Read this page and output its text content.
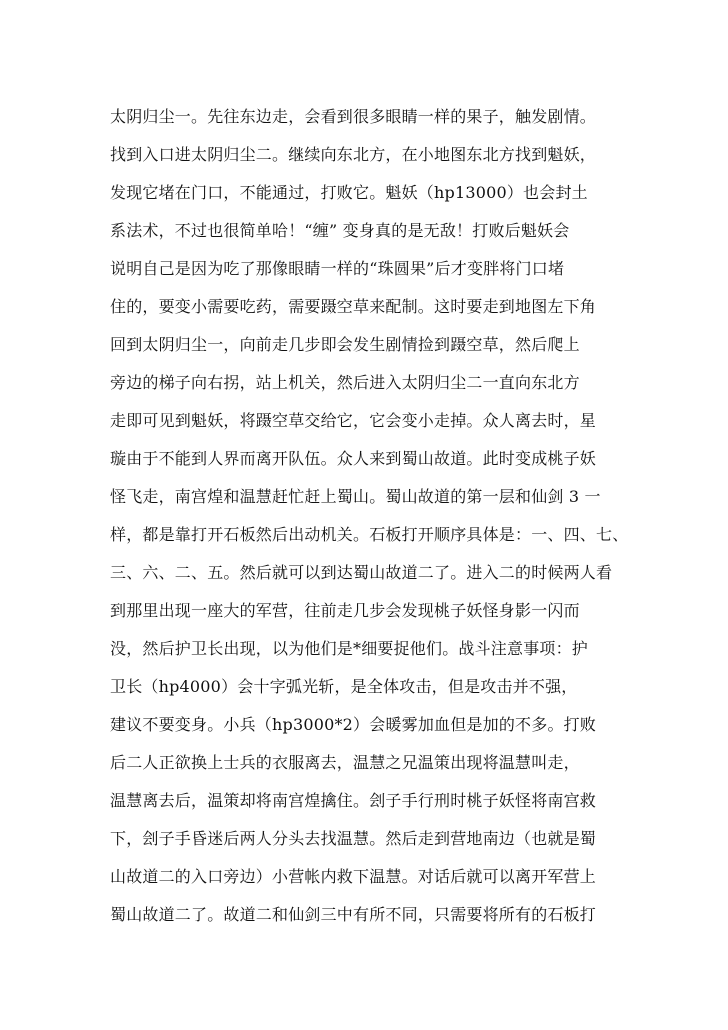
太阴归尘一。先往东边走，会看到很多眼睛一样的果子，触发剧情。
找到入口进太阴归尘二。继续向东北方，在小地图东北方找到魁妖，
发现它堵在门口，不能通过，打败它。魁妖（hp13000）也会封土
系法术，不过也很简单哈！“缠” 变身真的是无敌！打败后魁妖会
说明自己是因为吃了那像眼睛一样的“珠圆果”后才变胖将门口堵
住的，要变小需要吃药，需要蹑空草来配制。这时要走到地图左下角
回到太阴归尘一，向前走几步即会发生剧情捡到蹑空草，然后爬上
旁边的梯子向右拐，站上机关，然后进入太阴归尘二一直向东北方
走即可见到魁妖，将蹑空草交给它，它会变小走掉。众人离去时，星
璇由于不能到人界而离开队伍。众人来到蜀山故道。此时变成桃子妖
怪飞走，南宫煌和温慧赶忙赶上蜀山。蜀山故道的第一层和仙剑 3 一
样，都是靠打开石板然后出动机关。石板打开顺序具体是：一、四、七、
三、六、二、五。然后就可以到达蜀山故道二了。进入二的时候两人看
到那里出现一座大的军营，往前走几步会发现桃子妖怪身影一闪而
没，然后护卫长出现，以为他们是*细要捉他们。战斗注意事项：护
卫长（hp4000）会十字弧光斩，是全体攻击，但是攻击并不强，
建议不要变身。小兵（hp3000*2）会暖雾加血但是加的不多。打败
后二人正欲换上士兵的衣服离去，温慧之兄温策出现将温慧叫走，
温慧离去后，温策却将南宫煌擒住。刽子手行刑时桃子妖怪将南宫救
下，刽子手昏迷后两人分头去找温慧。然后走到营地南边（也就是蜀
山故道二的入口旁边）小营帐内救下温慧。对话后就可以离开军营上
蜀山故道二了。故道二和仙剑三中有所不同，只需要将所有的石板打
